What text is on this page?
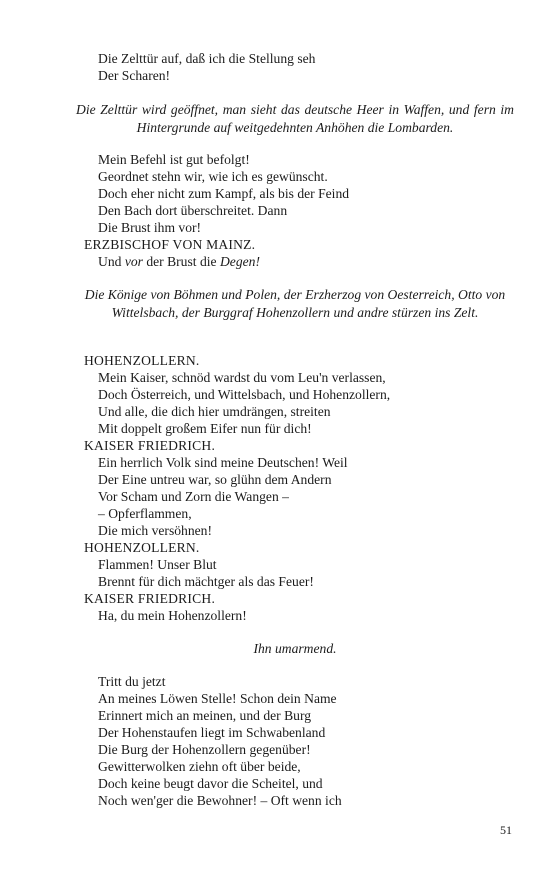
Die Zelttür auf, daß ich die Stellung seh
Der Scharen!
Die Zelttür wird geöffnet, man sieht das deutsche Heer in Waffen, und fern im Hintergrunde auf weitgedehnten Anhöhen die Lombarden.
Mein Befehl ist gut befolgt!
Geordnet stehn wir, wie ich es gewünscht.
Doch eher nicht zum Kampf, als bis der Feind
Den Bach dort überschreitet. Dann
Die Brust ihm vor!
ERZBISCHOF VON MAINZ.
Und vor der Brust die Degen!
Die Könige von Böhmen und Polen, der Erzherzog von Oesterreich, Otto von Wittelsbach, der Burggraf Hohenzollern und andre stürzen ins Zelt.
HOHENZOLLERN.
Mein Kaiser, schnöd wardst du vom Leu'n verlassen,
Doch Österreich, und Wittelsbach, und Hohenzollern,
Und alle, die dich hier umdrängen, streiten
Mit doppelt großem Eifer nun für dich!
KAISER FRIEDRICH.
Ein herrlich Volk sind meine Deutschen! Weil
Der Eine untreu war, so glühn dem Andern
Vor Scham und Zorn die Wangen –
– Opferflammen,
Die mich versöhnen!
HOHENZOLLERN.
Flammen! Unser Blut
Brennt für dich mächtger als das Feuer!
KAISER FRIEDRICH.
Ha, du mein Hohenzollern!
Ihn umarmend.
Tritt du jetzt
An meines Löwen Stelle! Schon dein Name
Erinnert mich an meinen, und der Burg
Der Hohenstaufen liegt im Schwabenland
Die Burg der Hohenzollern gegenüber!
Gewitterwolken ziehn oft über beide,
Doch keine beugt davor die Scheitel, und
Noch wen'ger die Bewohner! – Oft wenn ich
51
